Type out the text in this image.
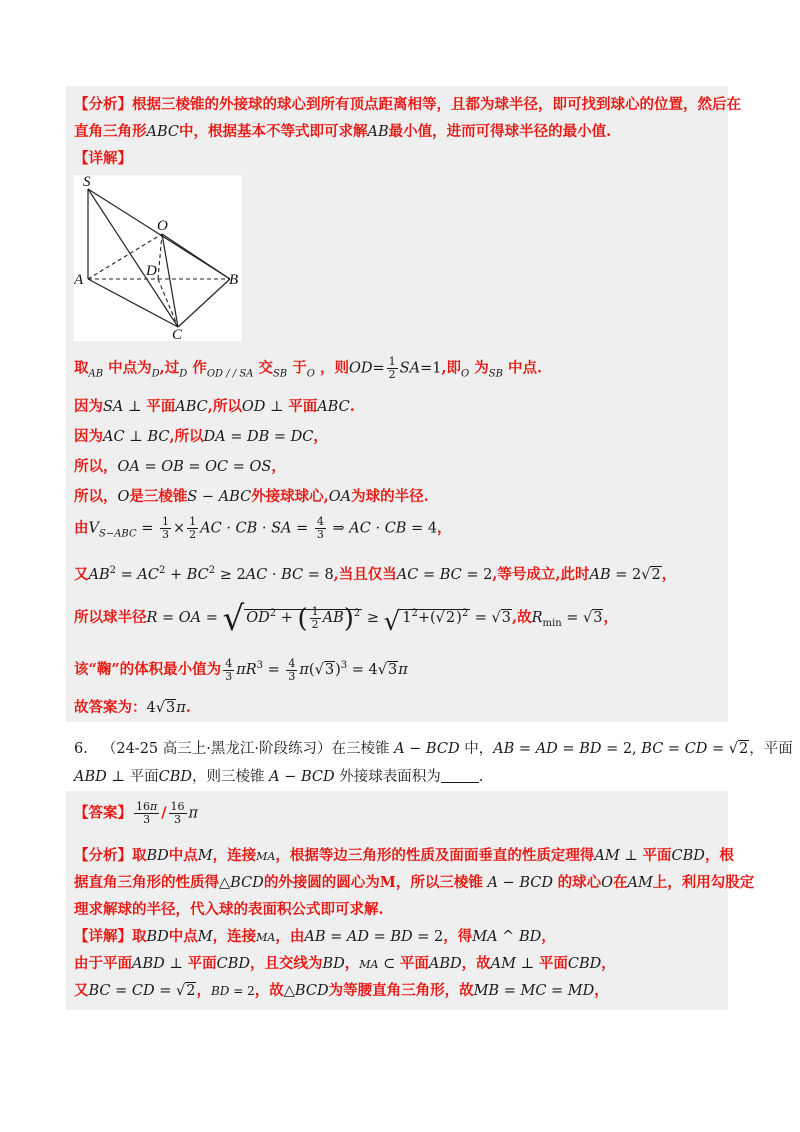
【分析】根据三棱锥的外接球的球心到所有顶点距离相等，且都为球半径，即可找到球心的位置，然后在
直角三角形ABC中，根据基本不等式即可求解AB最小值，进而可得球半径的最小值.
【详解】
S
O
A
D
B
C
取$_{AB}$ 中点为$_D$,过$_D$ 作$_{OD / / SA}$ 交$_{SB}$ 于$_O$ ，则$OD= \frac{1}{2} SA=1$,即$_O$ 为$_{SB}$ 中点.
因为SA ⊥ 平面ABC,所以OD ⊥ 平面ABC.
因为AC ⊥ BC,所以DA = DB = DC，
所以，OA = OB = OC = OS，
所以，O是三棱锥S − ABC外接球球心,OA为球的半径.
由$V_{S-ABC} = \frac{1}{3} \times \frac{1}{2}$ AC · CB · SA = $\frac{4}{3}$ ⇒ AC · CB = 4，
又$AB^2 = AC^2 + BC^2 \ge 2AC$ · BC = 8,当且仅当AC = BC = 2,等号成立,此时AB = 2√2，
所以球半径R = OA = √ $OD^2$ + ( $\frac{1}{2} AB)^2$ ≥ √ $1^2+(√2)^2 = √3$,故$R_{min} = √3$，
该“鞠”的体积最小值为 $\frac{4}{3} \pi R^3 = \frac{4}{3} \pi(√3)^3 = 4√3\pi$
故答案为：4√3π.
6. （24-25 高三上·黑龙江·阶段练习）在三棱锥 A − BCD 中，AB = AD = BD = 2, BC = CD = √2，平面
ABD ⊥ 平面CBD，则三棱锥 A − BCD 外接球表面积为	.
【答案】 $\frac{16\pi}{3} / \frac{16}{3}$ π
【分析】取BD中点M，连接MA，根据等边三角形的性质及面面垂直的性质定理得AM ⊥ 平面CBD，根
据直角三角形的性质得△BCD的外接圆的圆心为M，所以三棱锥 A − BCD 的球心O在AM上，利用勾股定
理求解球的半径，代入球的表面积公式即可求解.
【详解】取BD中点M，连接MA，由AB = AD = BD = 2，得MA ^ BD，
由于平面ABD ⊥ 平面CBD，且交线为BD，MA ⊂ 平面ABD，故AM ⊥ 平面CBD，
又BC = CD = √2，BD = 2，故△BCD为等腰直角三角形，故MB = MC = MD，
